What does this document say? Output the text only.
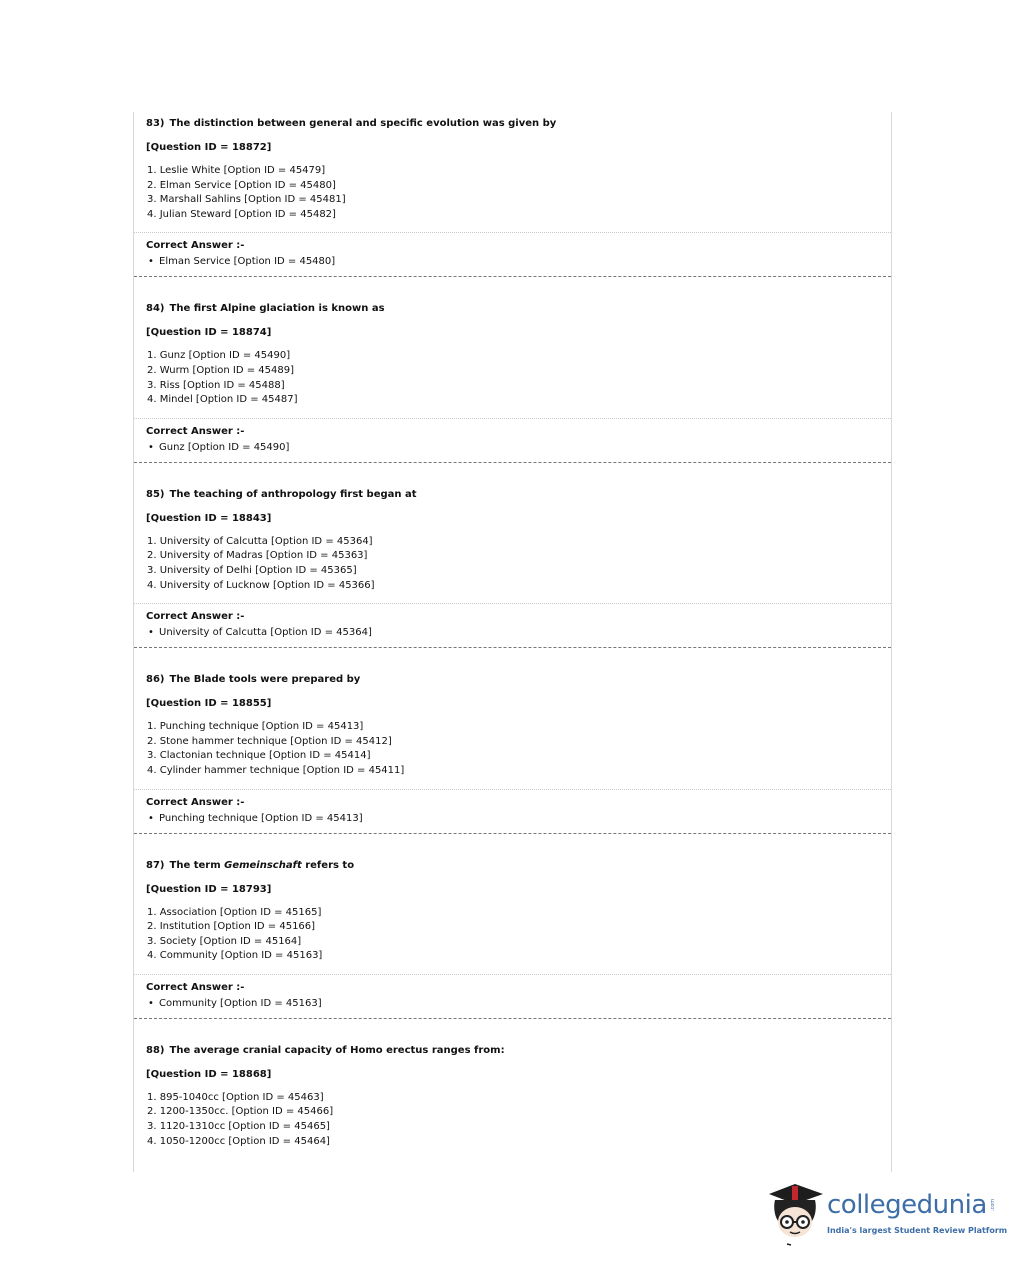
83) The distinction between general and specific evolution was given by
[Question ID = 18872]
1. Leslie White [Option ID = 45479]
2. Elman Service [Option ID = 45480]
3. Marshall Sahlins [Option ID = 45481]
4. Julian Steward [Option ID = 45482]
Correct Answer :-
• Elman Service [Option ID = 45480]
84) The first Alpine glaciation is known as
[Question ID = 18874]
1. Gunz [Option ID = 45490]
2. Wurm [Option ID = 45489]
3. Riss [Option ID = 45488]
4. Mindel [Option ID = 45487]
Correct Answer :-
• Gunz [Option ID = 45490]
85) The teaching of anthropology first began at
[Question ID = 18843]
1. University of Calcutta [Option ID = 45364]
2. University of Madras [Option ID = 45363]
3. University of Delhi [Option ID = 45365]
4. University of Lucknow [Option ID = 45366]
Correct Answer :-
• University of Calcutta [Option ID = 45364]
86) The Blade tools were prepared by
[Question ID = 18855]
1. Punching technique [Option ID = 45413]
2. Stone hammer technique [Option ID = 45412]
3. Clactonian technique [Option ID = 45414]
4. Cylinder hammer technique [Option ID = 45411]
Correct Answer :-
• Punching technique [Option ID = 45413]
87) The term Gemeinschaft refers to
[Question ID = 18793]
1. Association [Option ID = 45165]
2. Institution [Option ID = 45166]
3. Society [Option ID = 45164]
4. Community [Option ID = 45163]
Correct Answer :-
• Community [Option ID = 45163]
88) The average cranial capacity of Homo erectus ranges from:
[Question ID = 18868]
1. 895-1040cc [Option ID = 45463]
2. 1200-1350cc. [Option ID = 45466]
3. 1120-1310cc [Option ID = 45465]
4. 1050-1200cc [Option ID = 45464]
collegedunia .com
India's largest Student Review Platform
